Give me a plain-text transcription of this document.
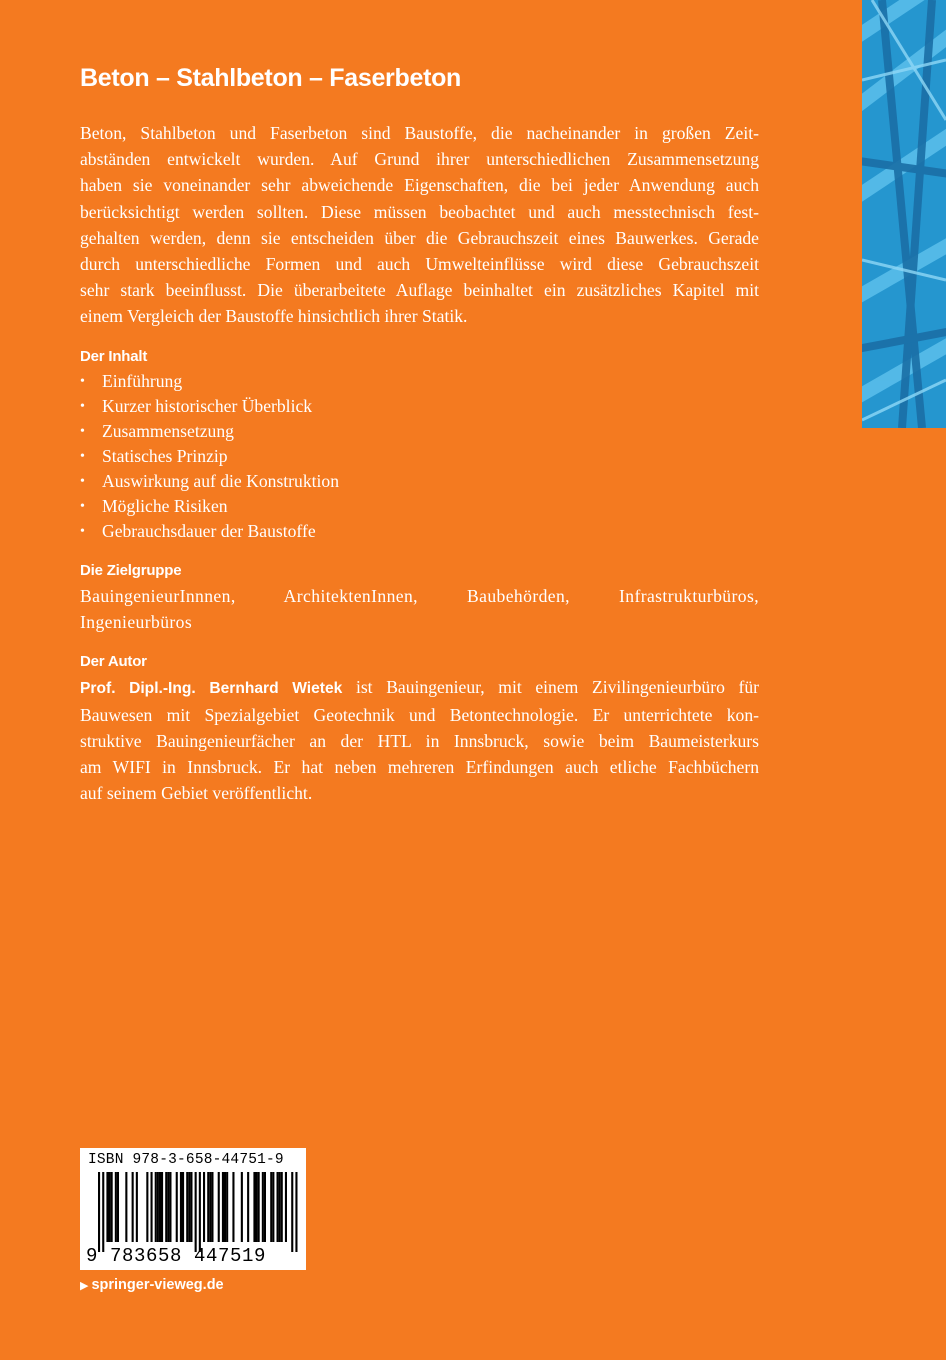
Beton – Stahlbeton – Faserbeton

Beton, Stahlbeton und Faserbeton sind Baustoffe, die nacheinander in großen Zeit-
abständen entwickelt wurden. Auf Grund ihrer unterschiedlichen Zusammensetzung
haben sie voneinander sehr abweichende Eigenschaften, die bei jeder Anwendung auch
berücksichtigt werden sollten. Diese müssen beobachtet und auch messtechnisch fest-
gehalten werden, denn sie entscheiden über die Gebrauchszeit eines Bauwerkes. Gerade
durch unterschiedliche Formen und auch Umwelteinflüsse wird diese Gebrauchszeit
sehr stark beeinflusst. Die überarbeitete Auflage beinhaltet ein zusätzliches Kapitel mit
einem Vergleich der Baustoffe hinsichtlich ihrer Statik.

Der Inhalt
• Einführung
• Kurzer historischer Überblick
• Zusammensetzung
• Statisches Prinzip
• Auswirkung auf die Konstruktion
• Mögliche Risiken
• Gebrauchsdauer der Baustoffe
Die Zielgruppe
BauingenieurInnnen, ArchitektenInnen, Baubehörden, Infrastrukturbüros,
Ingenieurbüros
Der Autor

Prof. Dipl.-Ing. Bernhard Wietek ist Bauingenieur, mit einem Zivilingenieurbüro für
Bauwesen mit Spezialgebiet Geotechnik und Betontechnologie. Er unterrichtete kon-
struktive Bauingenieurfächer an der HTL in Innsbruck, sowie beim Baumeisterkurs
am WIFI in Innsbruck. Er hat neben mehreren Erfindungen auch etliche Fachbüchern
auf seinem Gebiet veröffentlicht.

ISBN 978-3-658-44751-9
9 783658 447519
▶ springer-vieweg.de
